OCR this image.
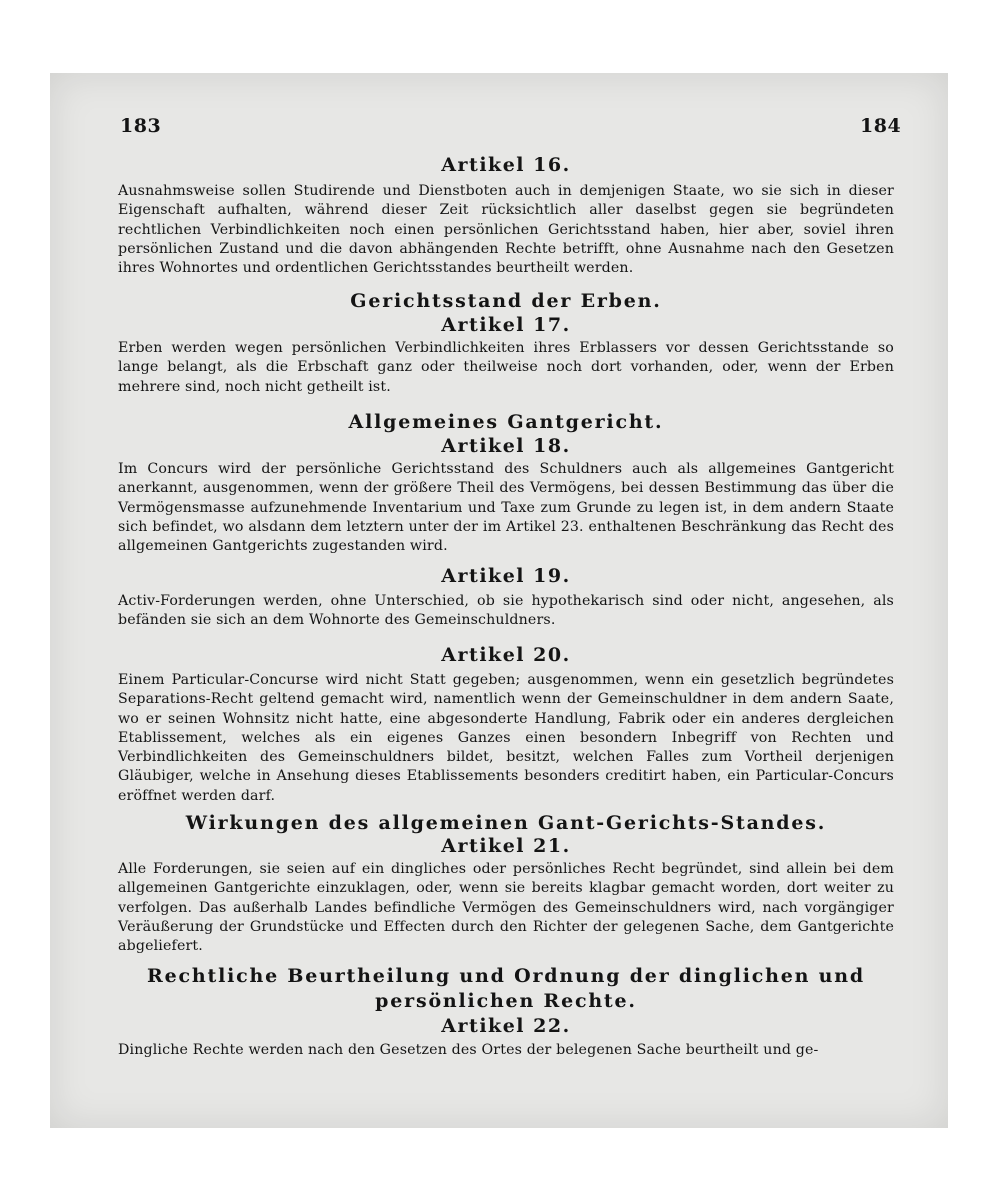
183	184
Artikel 16.
Ausnahmsweise sollen Studirende und Dienstboten auch in demjenigen Staate, wo sie sich in dieser Eigenschaft aufhalten, während dieser Zeit rücksichtlich aller daselbst gegen sie begründeten rechtlichen Verbindlichkeiten noch einen persönlichen Gerichtsstand haben, hier aber, soviel ihren persönlichen Zustand und die davon abhängenden Rechte betrifft, ohne Ausnahme nach den Gesetzen ihres Wohnortes und ordentlichen Gerichtsstandes beurtheilt werden.
Gerichtsstand der Erben.
Artikel 17.
Erben werden wegen persönlichen Verbindlichkeiten ihres Erblassers vor dessen Gerichtsstande so lange belangt, als die Erbschaft ganz oder theilweise noch dort vorhanden, oder, wenn der Erben mehrere sind, noch nicht getheilt ist.
Allgemeines Gantgericht.
Artikel 18.
Im Concurs wird der persönliche Gerichtsstand des Schuldners auch als allgemeines Gantgericht anerkannt, ausgenommen, wenn der größere Theil des Vermögens, bei dessen Bestimmung das über die Vermögensmasse aufzunehmende Inventarium und Taxe zum Grunde zu legen ist, in dem andern Staate sich befindet, wo alsdann dem letztern unter der im Artikel 23. enthaltenen Beschränkung das Recht des allgemeinen Gantgerichts zugestanden wird.
Artikel 19.
Activ-Forderungen werden, ohne Unterschied, ob sie hypothekarisch sind oder nicht, angesehen, als befänden sie sich an dem Wohnorte des Gemeinschuldners.
Artikel 20.
Einem Particular-Concurse wird nicht Statt gegeben; ausgenommen, wenn ein gesetzlich begründetes Separations-Recht geltend gemacht wird, namentlich wenn der Gemeinschuldner in dem andern Saate, wo er seinen Wohnsitz nicht hatte, eine abgesonderte Handlung, Fabrik oder ein anderes dergleichen Etablissement, welches als ein eigenes Ganzes einen besondern Inbegriff von Rechten und Verbindlichkeiten des Gemeinschuldners bildet, besitzt, welchen Falles zum Vortheil derjenigen Gläubiger, welche in Ansehung dieses Etablissements besonders creditirt haben, ein Particular-Concurs eröffnet werden darf.
Wirkungen des allgemeinen Gant-Gerichts-Standes.
Artikel 21.
Alle Forderungen, sie seien auf ein dingliches oder persönliches Recht begründet, sind allein bei dem allgemeinen Gantgerichte einzuklagen, oder, wenn sie bereits klagbar gemacht worden, dort weiter zu verfolgen. Das außerhalb Landes befindliche Vermögen des Gemeinschuldners wird, nach vorgängiger Veräußerung der Grundstücke und Effecten durch den Richter der gelegenen Sache, dem Gantgerichte abgeliefert.
Rechtliche Beurtheilung und Ordnung der dinglichen und persönlichen Rechte.
Artikel 22.
Dingliche Rechte werden nach den Gesetzen des Ortes der belegenen Sache beurtheilt und ge-
